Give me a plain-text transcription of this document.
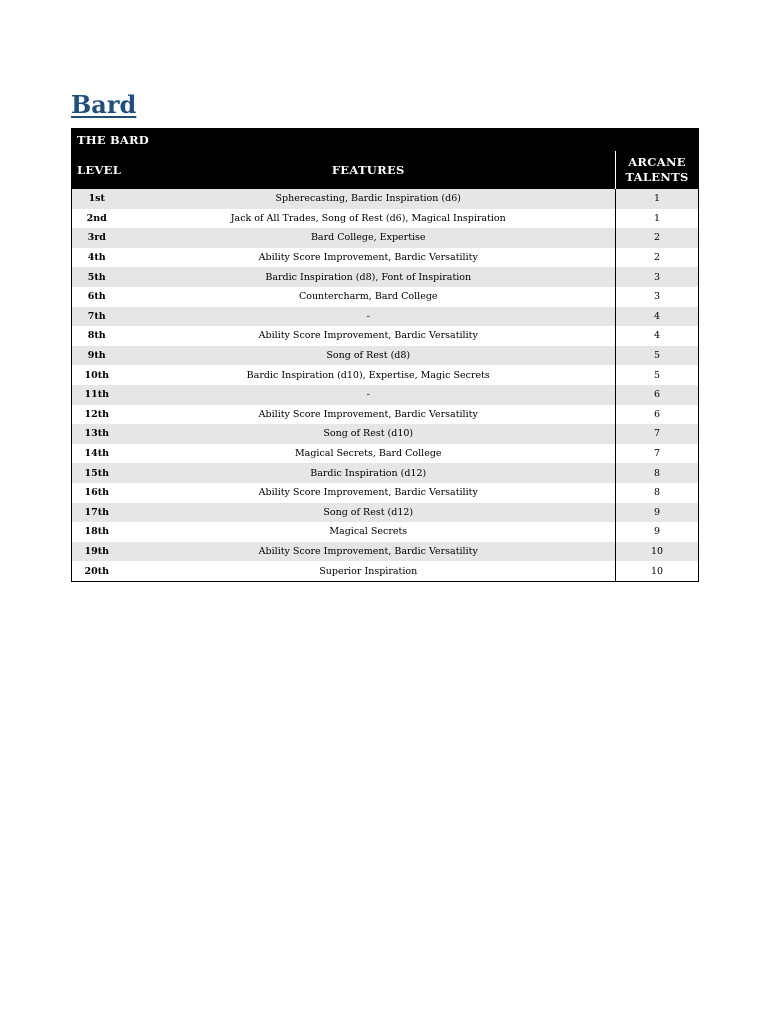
Bard
THE BARD		
LEVEL	FEATURES	ARCANE TALENTS
1st	Spherecasting, Bardic Inspiration (d6)	1
2nd	Jack of All Trades, Song of Rest (d6), Magical Inspiration	1
3rd	Bard College, Expertise	2
4th	Ability Score Improvement, Bardic Versatility	2
5th	Bardic Inspiration (d8), Font of Inspiration	3
6th	Countercharm, Bard College	3
7th	-	4
8th	Ability Score Improvement, Bardic Versatility	4
9th	Song of Rest (d8)	5
10th	Bardic Inspiration (d10), Expertise, Magic Secrets	5
11th	-	6
12th	Ability Score Improvement, Bardic Versatility	6
13th	Song of Rest (d10)	7
14th	Magical Secrets, Bard College	7
15th	Bardic Inspiration (d12)	8
16th	Ability Score Improvement, Bardic Versatility	8
17th	Song of Rest (d12)	9
18th	Magical Secrets	9
19th	Ability Score Improvement, Bardic Versatility	10
20th	Superior Inspiration	10
